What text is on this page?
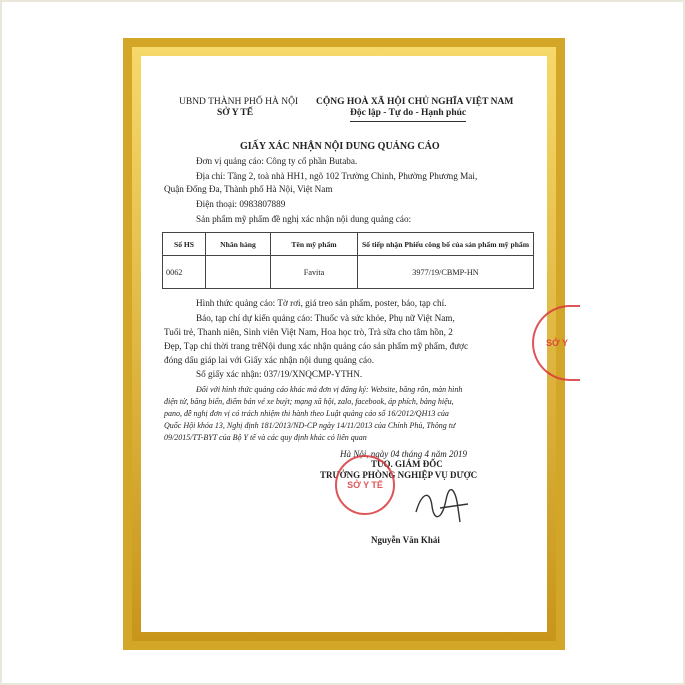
UBND THÀNH PHỐ HÀ NỘI
SỞ Y TẾ
CỘNG HOÀ XÃ HỘI CHỦ NGHĨA VIỆT NAM
Độc lập - Tự do - Hạnh phúc
GIẤY XÁC NHẬN NỘI DUNG QUẢNG CÁO
Đơn vị quảng cáo: Công ty cổ phần Butaba.
Địa chỉ: Tầng 2, toà nhà HH1, ngõ 102 Trường Chinh, Phường Phương Mai,
Quận Đống Đa, Thành phố Hà Nội, Việt Nam
Điện thoại: 0983807889
Sản phẩm mỹ phẩm đề nghị xác nhận nội dung quảng cáo:
Số HS	Nhãn hàng	Tên mỹ phẩm	Số tiếp nhận Phiếu công bố của sản phẩm mỹ phẩm
0062		Favita	3977/19/CBMP-HN
Hình thức quảng cáo: Tờ rơi, giá treo sản phẩm, poster, báo, tạp chí.
Báo, tạp chí dự kiến quảng cáo: Thuốc và sức khỏe, Phụ nữ Việt Nam,
Tuổi trẻ, Thanh niên, Sinh viên Việt Nam, Hoa học trò, Trà sữa cho tâm hồn, 2
Đẹp, Tạp chí thời trang trêNội dung xác nhận quảng cáo sản phẩm mỹ phẩm, được
đóng dấu giáp lai với Giấy xác nhận nội dung quảng cáo.
Số giấy xác nhận: 037/19/XNQCMP-YTHN.
Đối với hình thức quảng cáo khác mà đơn vị đăng ký: Website, băng rôn, màn hình
điện tử, băng biển, điểm bán vé xe buýt; mạng xã hội, zalo, facebook, áp phích, bảng hiệu,
pano, đề nghị đơn vị có trách nhiệm thi hành theo Luật quảng cáo số 16/2012/QH13 của
Quốc Hội khóa 13, Nghị định 181/2013/ND-CP ngày 14/11/2013 của Chính Phủ, Thông tư
09/2015/TT-BYT của Bộ Y tế và các quy định khác có liên quan
Hà Nội, ngày 04 tháng 4 năm 2019
TUQ. GIÁM ĐỐC
TRƯỞNG PHÒNG NGHIỆP VỤ DƯỢC
Nguyễn Văn Khải
SỞ Y TẾ
SỞ Y
